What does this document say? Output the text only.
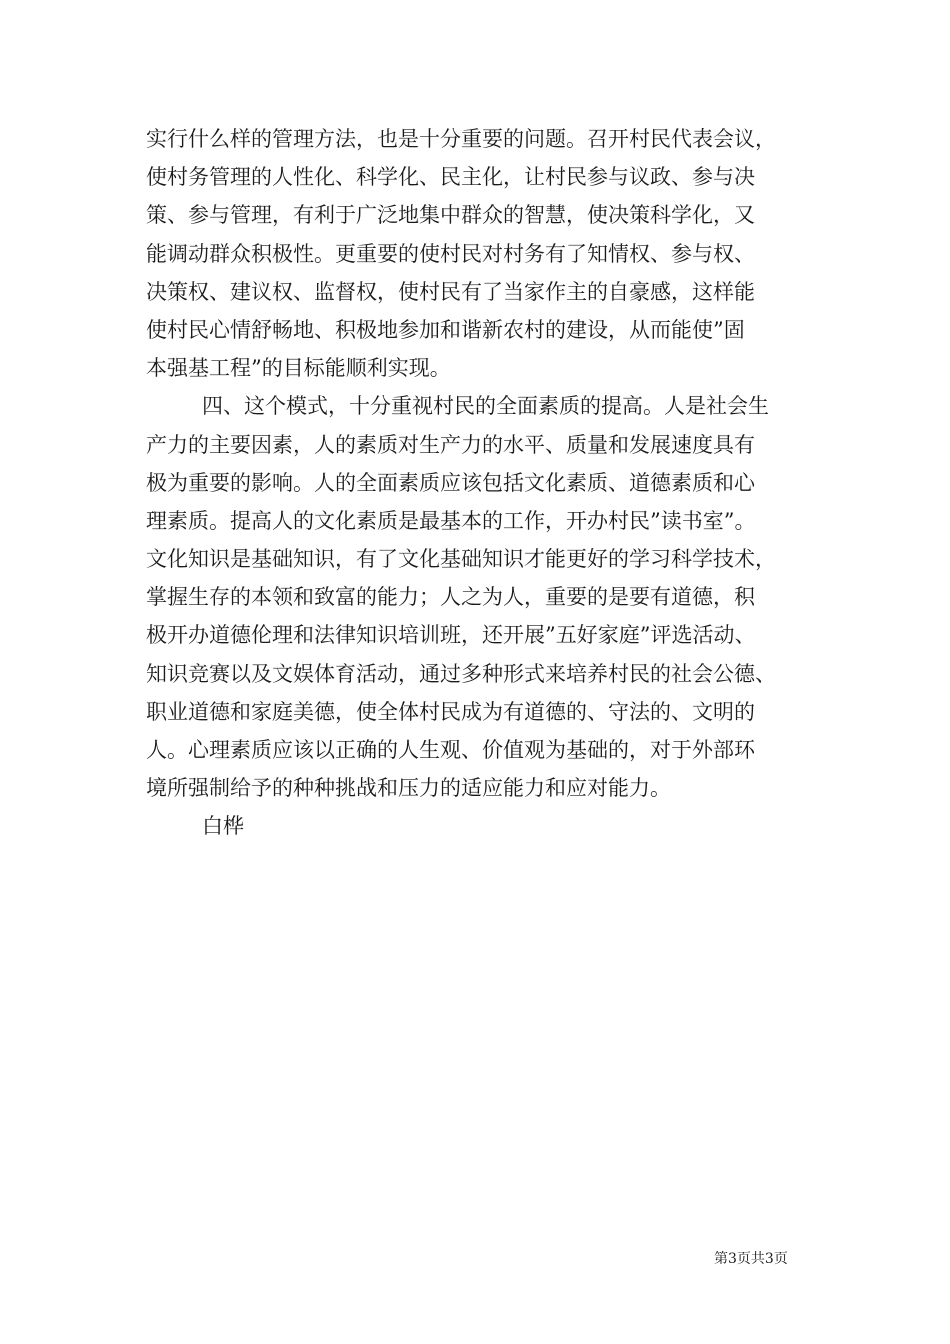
实行什么样的管理方法，也是十分重要的问题。召开村民代表会议，
使村务管理的人性化、科学化、民主化，让村民参与议政、参与决
策、参与管理，有利于广泛地集中群众的智慧，使决策科学化，又
能调动群众积极性。更重要的使村民对村务有了知情权、参与权、
决策权、建议权、监督权，使村民有了当家作主的自豪感，这样能
使村民心情舒畅地、积极地参加和谐新农村的建设，从而能使”固
本强基工程”的目标能顺利实现。
四、这个模式，十分重视村民的全面素质的提高。人是社会生
产力的主要因素，人的素质对生产力的水平、质量和发展速度具有
极为重要的影响。人的全面素质应该包括文化素质、道德素质和心
理素质。提高人的文化素质是最基本的工作，开办村民”读书室”。
文化知识是基础知识，有了文化基础知识才能更好的学习科学技术，
掌握生存的本领和致富的能力；人之为人，重要的是要有道德，积
极开办道德伦理和法律知识培训班，还开展”五好家庭”评选活动、
知识竞赛以及文娱体育活动，通过多种形式来培养村民的社会公德、
职业道德和家庭美德，使全体村民成为有道德的、守法的、文明的
人。心理素质应该以正确的人生观、价值观为基础的，对于外部环
境所强制给予的种种挑战和压力的适应能力和应对能力。
白桦
第3页共3页
